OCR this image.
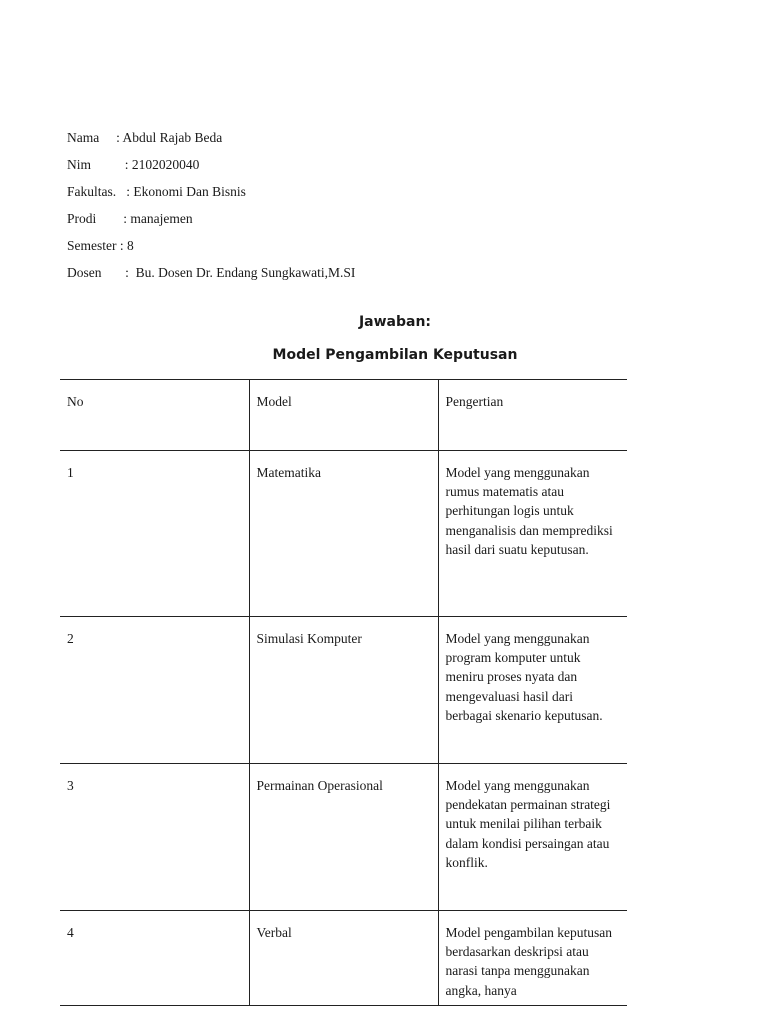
Nama     : Abdul Rajab Beda
Nim          : 2102020040
Fakultas.   : Ekonomi Dan Bisnis
Prodi        : manajemen
Semester : 8
Dosen       :  Bu. Dosen Dr. Endang Sungkawati,M.SI
Jawaban:
Model Pengambilan Keputusan
No	Model	Pengertian
1	Matematika	Model yang menggunakan rumus matematis atau perhitungan logis untuk menganalisis dan memprediksi hasil dari suatu keputusan.
2	Simulasi Komputer	Model yang menggunakan program komputer untuk meniru proses nyata dan mengevaluasi hasil dari berbagai skenario keputusan.
3	Permainan Operasional	Model yang menggunakan pendekatan permainan strategi untuk menilai pilihan terbaik dalam kondisi persaingan atau konflik.
4	Verbal	Model pengambilan keputusan berdasarkan deskripsi atau narasi tanpa menggunakan angka, hanya
